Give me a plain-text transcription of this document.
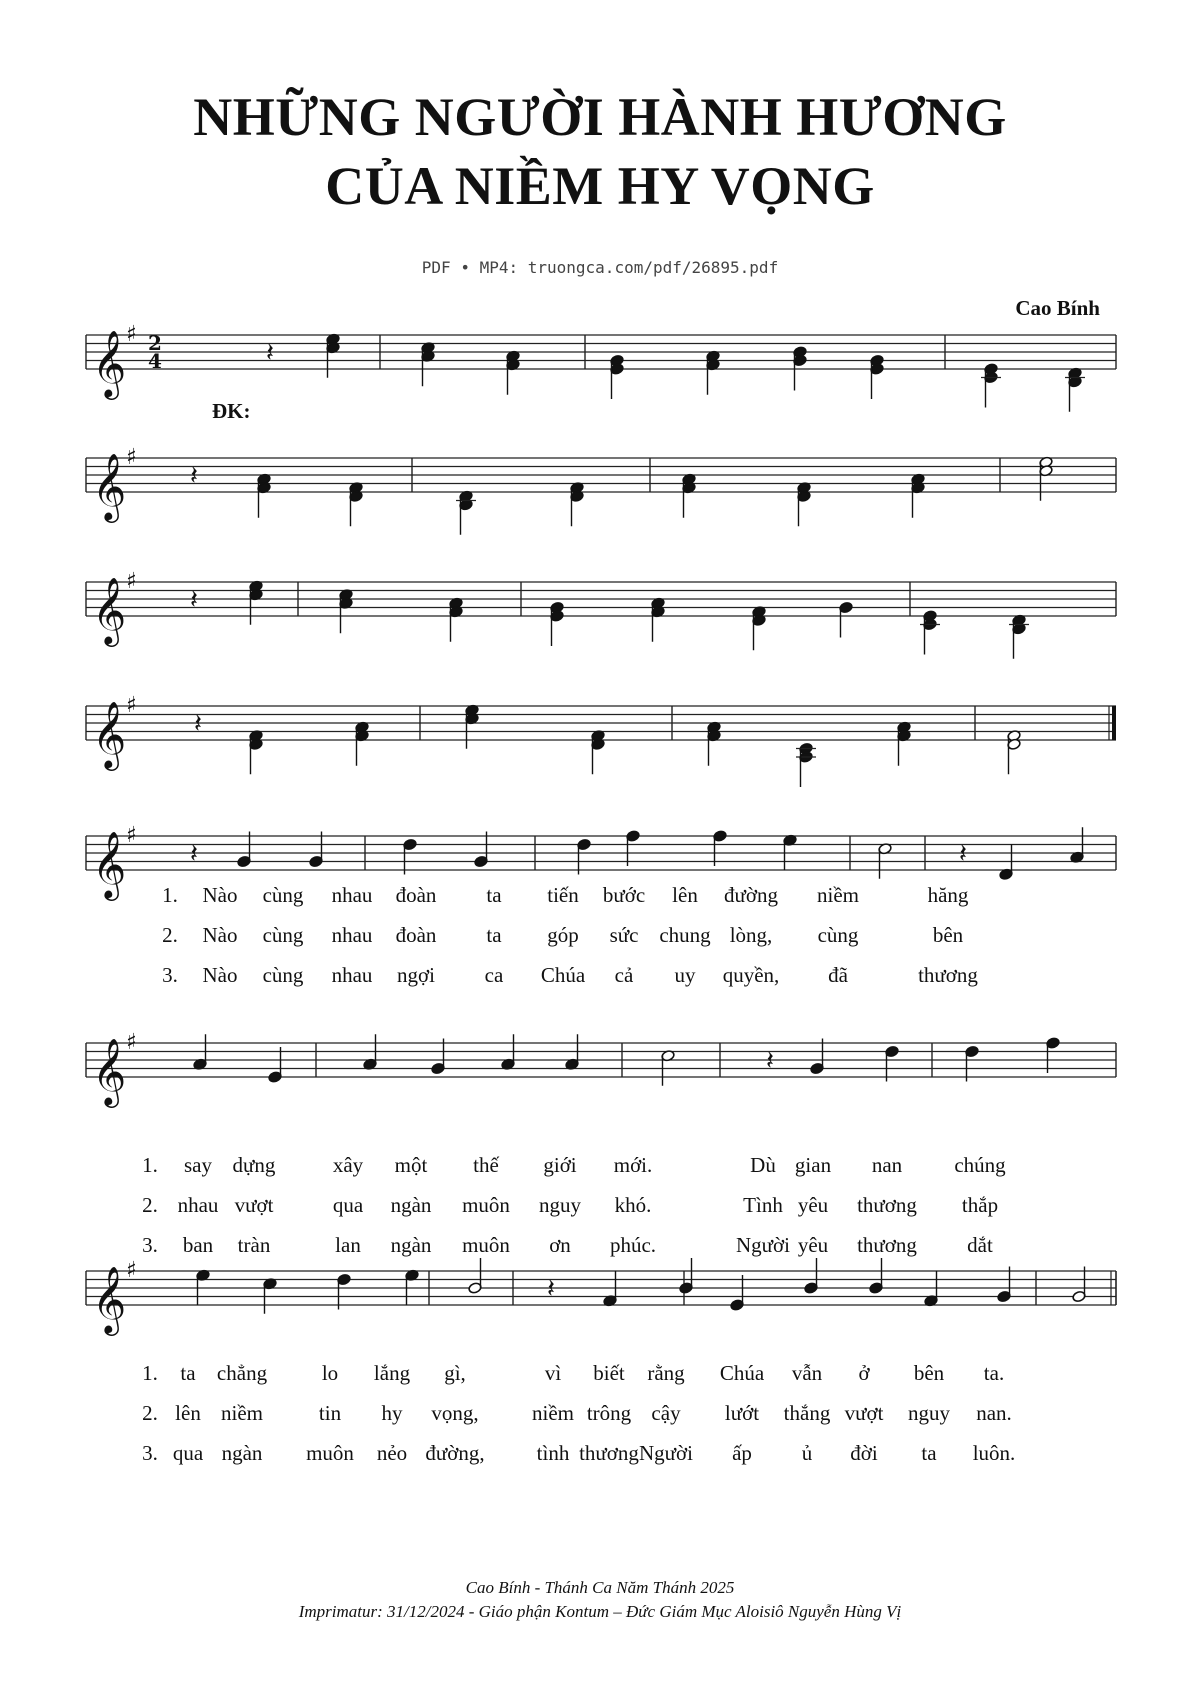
NHỮNG NGƯỜI HÀNH HƯƠNG
CỦA NIỀM HY VỌNG
PDF • MP4: truongca.com/pdf/26895.pdf
Cao Bính
𝄞 ♯ 2
4	𝄽
𝄞 ♯
𝄽
𝄞 ♯
𝄽
𝄞 ♯
𝄽
𝄞 ♯
𝄽	𝄽
𝄞 ♯
𝄽
𝄞 ♯
𝄽
Cao Bính - Thánh Ca Năm Thánh 2025
Imprimatur: 31/12/2024 - Giáo phận Kontum – Đức Giám Mục Aloisiô Nguyễn Hùng Vị
ĐK:
1. Nào cùng nhau đoàn ta tiến bước lên đường niềm	hăng
2. Nào cùng nhau đoàn ta góp sức chung lòng, cùng	bên
3. Nào cùng nhau ngợi ca Chúa cả uy quyền, đã	thương
1. say dựng	xây một thế giới mới.	Dù gian nan chúng
2. nhau vượt	qua ngàn muôn nguy khó.	Tình yêu thương thắp
3. ban tràn	lan ngàn muôn ơn phúc.	Người yêu thương dắt
1. ta chẳng	lo lắng gì,	vì biết rằng Chúa vẫn ở bên ta.
2. lên niềm	tin hy vọng,	niềm trông cậy lướt thắng vượt nguy nan.
3. qua ngàn muôn nẻo đường, tình thương Người ấp ủ đời ta luôn.
